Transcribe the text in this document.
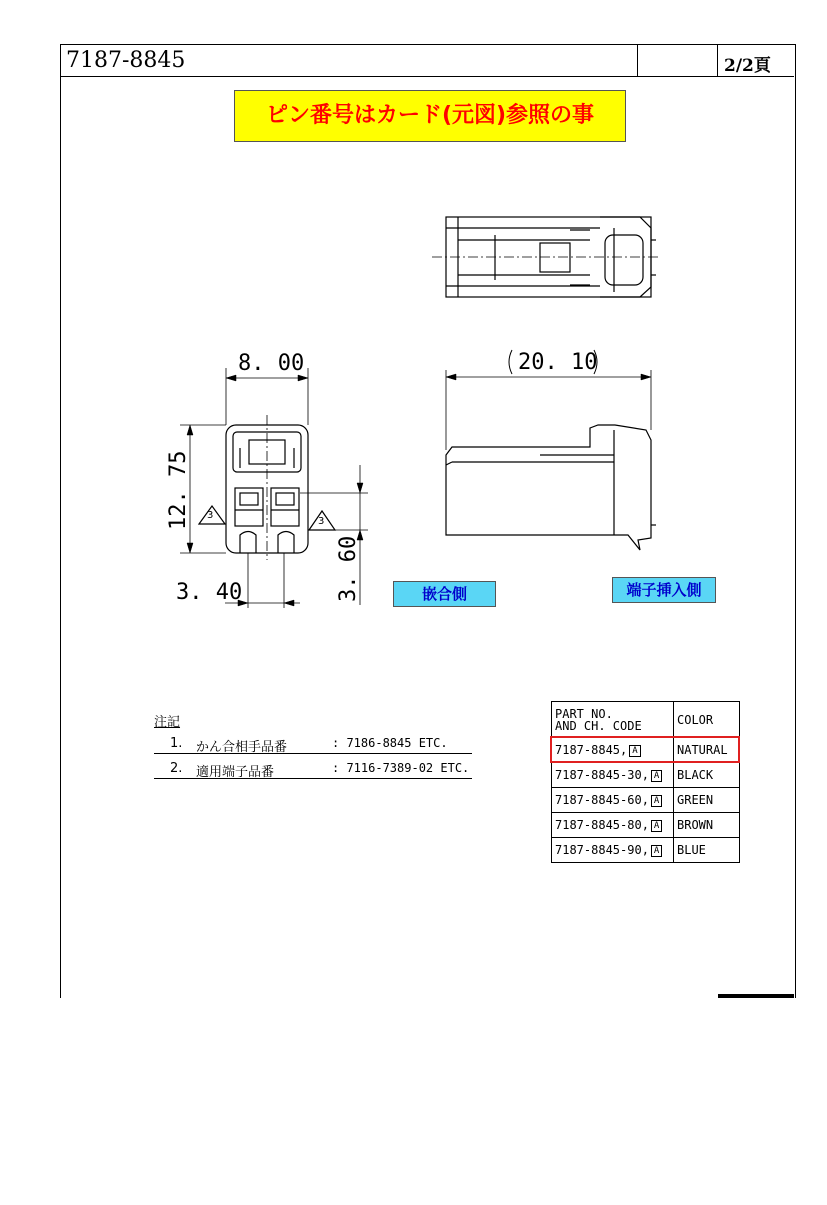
7187-8845	2/2頁
ピン番号はカード(元図)参照の事
8. 00	20. 10
3. 40
12. 75
3. 60
3
3
嵌合側	端子挿入側
注記
1. かん合相手品番	: 7186-8845 ETC.
2. 適用端子品番	: 7116-7389-02 ETC.
PART NO.
AND CH. CODE	COLOR
7187-8845, A	NATURAL
7187-8845-30, A	BLACK
7187-8845-60, A	GREEN
7187-8845-80, A	BROWN
7187-8845-90, A	BLUE
